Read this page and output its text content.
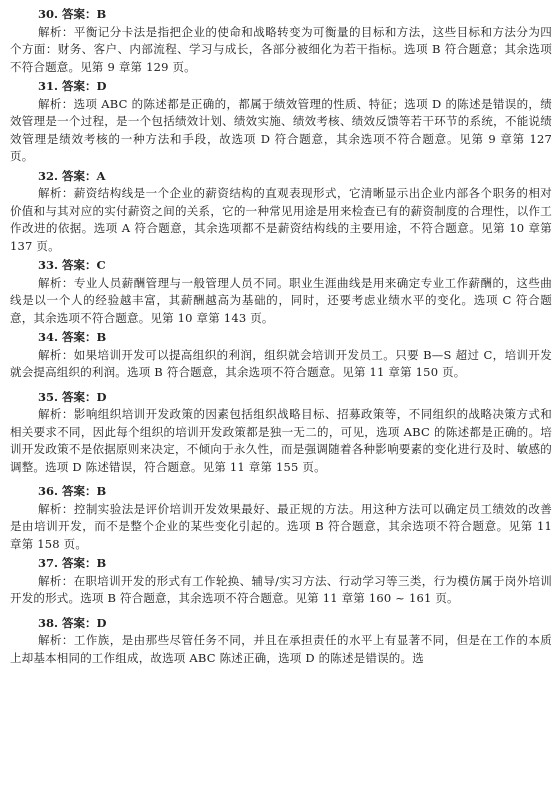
30. 答案：B

解析：平衡记分卡法是指把企业的使命和战略转变为可衡量的目标和方法，这些目标和方法分为四个方面：财务、客户、内部流程、学习与成长，各部分被细化为若干指标。选项 B 符合题意；其余选项不符合题意。见第 9 章第 129 页。

31. 答案：D

解析：选项 ABC 的陈述都是正确的，都属于绩效管理的性质、特征；选项 D 的陈述是错误的，绩效管理是一个过程，是一个包括绩效计划、绩效实施、绩效考核、绩效反馈等若干环节的系统，不能说绩效管理是绩效考核的一种方法和手段，故选项 D 符合题意，其余选项不符合题意。见第 9 章第 127 页。

32. 答案：A

解析：薪资结构线是一个企业的薪资结构的直观表现形式，它清晰显示出企业内部各个职务的相对价值和与其对应的实付薪资之间的关系，它的一种常见用途是用来检查已有的薪资制度的合理性，以作工作改进的依据。选项 A 符合题意，其余选项都不是薪资结构线的主要用途，不符合题意。见第 10 章第 137 页。

33. 答案：C

解析：专业人员薪酬管理与一般管理人员不同。职业生涯曲线是用来确定专业工作薪酬的，这些曲线是以一个人的经验越丰富，其薪酬越高为基础的，同时，还要考虑业绩水平的变化。选项 C 符合题意，其余选项不符合题意。见第 10 章第 143 页。

34. 答案：B

解析：如果培训开发可以提高组织的利润，组织就会培训开发员工。只要 B—S 超过 C，培训开发就会提高组织的利润。选项 B 符合题意，其余选项不符合题意。见第 11 章第 150 页。

35. 答案：D

解析：影响组织培训开发政策的因素包括组织战略目标、招募政策等，不同组织的战略决策方式和相关要求不同，因此每个组织的培训开发政策都是独一无二的，可见，选项 ABC 的陈述都是正确的。培训开发政策不是依据原则来决定，不倾向于永久性，而是强调随着各种影响要素的变化进行及时、敏感的调整。选项 D 陈述错误，符合题意。见第 11 章第 155 页。

36. 答案：B

解析：控制实验法是评价培训开发效果最好、最正规的方法。用这种方法可以确定员工绩效的改善是由培训开发，而不是整个企业的某些变化引起的。选项 B 符合题意，其余选项不符合题意。见第 11 章第 158 页。

37. 答案：B

解析：在职培训开发的形式有工作轮换、辅导/实习方法、行动学习等三类，行为模仿属于岗外培训开发的形式。选项 B 符合题意，其余选项不符合题意。见第 11 章第 160 ~ 161 页。

38. 答案：D

解析：工作族，是由那些尽管任务不同，并且在承担责任的水平上有显著不同，但是在工作的本质上却基本相同的工作组成，故选项 ABC 陈述正确，选项 D 的陈述是错误的。选
